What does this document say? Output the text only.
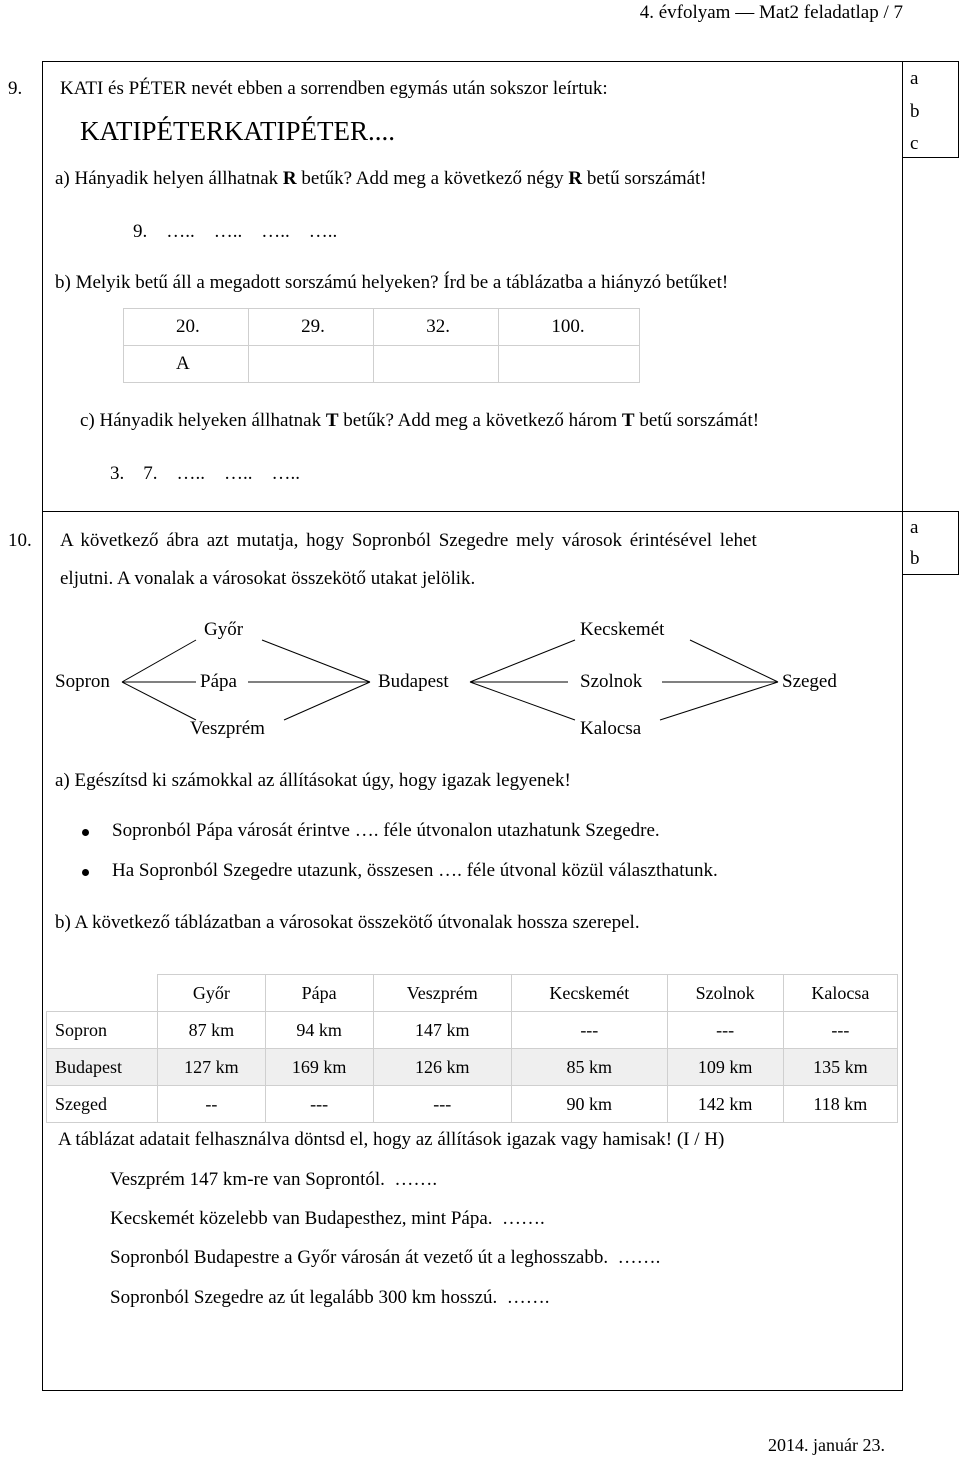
4. évfolyam — Mat2 feladatlap / 7
a
b
c
a
b
9. KATI és PÉTER nevét ebben a sorrendben egymás után sokszor leírtuk:
KATIPÉTERKATIPÉTER....
a) Hányadik helyen állhatnak R betűk? Add meg a következő négy R betű sorszámát!
9.    …..    …..    …..    …..
b) Melyik betű áll a megadott sorszámú helyeken? Írd be a táblázatba a hiányzó betűket!
20.	29.	32.	100.
A			
c) Hányadik helyeken állhatnak T betűk? Add meg a következő három T betű sorszámát!
3.    7.    …..    …..    …..
10. A következő ábra azt mutatja, hogy Sopronból Szegedre mely városok érintésével lehet
eljutni. A vonalak a városokat összekötő utakat jelölik.
Győr	Kecskemét
Sopron	Pápa	Budapest	Szolnok	Szeged
Veszprém	Kalocsa
a) Egészítsd ki számokkal az állításokat úgy, hogy igazak legyenek!
Sopronból Pápa városát érintve …. féle útvonalon utazhatunk Szegedre.
Ha Sopronból Szegedre utazunk, összesen …. féle útvonal közül választhatunk.
b) A következő táblázatban a városokat összekötő útvonalak hossza szerepel.
	Győr	Pápa	Veszprém	Kecskemét	Szolnok	Kalocsa
Sopron	87 km	94 km	147 km	---	---	---
Budapest	127 km	169 km	126 km	85 km	109 km	135 km
Szeged	--	---	---	90 km	142 km	118 km
A táblázat adatait felhasználva döntsd el, hogy az állítások igazak vagy hamisak! (I / H)
Veszprém 147 km-re van Soprontól.  …….
Kecskemét közelebb van Budapesthez, mint Pápa.  …….
Sopronból Budapestre a Győr városán át vezető út a leghosszabb.  …….
Sopronból Szegedre az út legalább 300 km hosszú.  …….
2014. január 23.
